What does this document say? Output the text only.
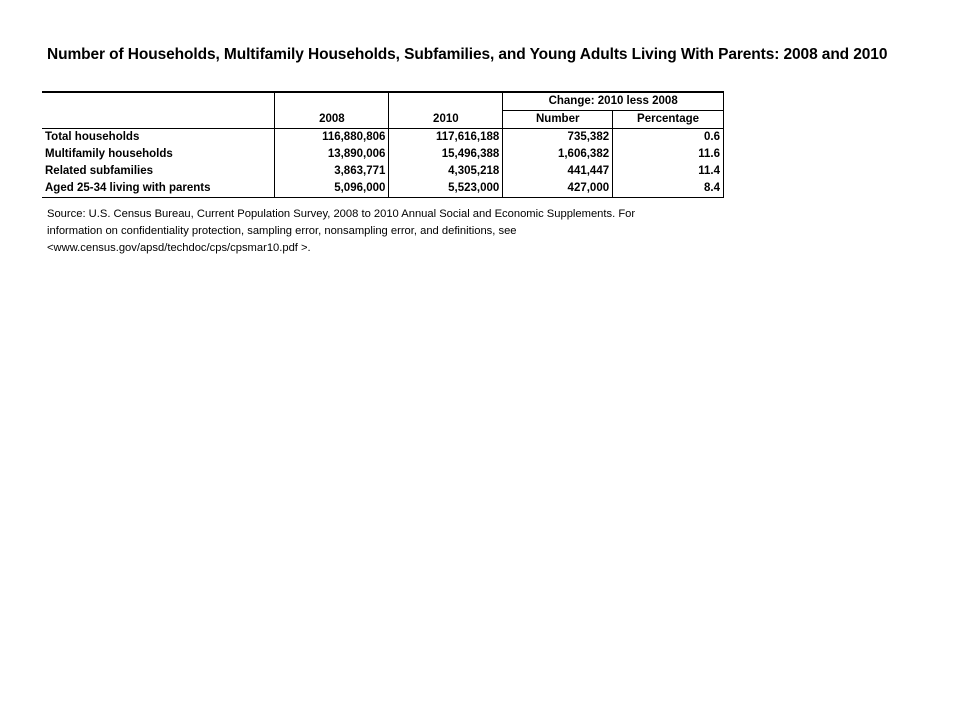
Number of Households, Multifamily Households, Subfamilies, and Young Adults Living With Parents: 2008 and 2010
			Change: 2010 less 2008	
	2008	2010	Number	Percentage
Total households	116,880,806	117,616,188	735,382	0.6
Multifamily households	13,890,006	15,496,388	1,606,382	11.6
Related subfamilies	3,863,771	4,305,218	441,447	11.4
Aged 25-34 living with parents	5,096,000	5,523,000	427,000	8.4
Source: U.S. Census Bureau, Current Population Survey, 2008 to 2010 Annual Social and Economic Supplements. For
information on confidentiality protection, sampling error, nonsampling error, and definitions, see
<www.census.gov/apsd/techdoc/cps/cpsmar10.pdf >.
